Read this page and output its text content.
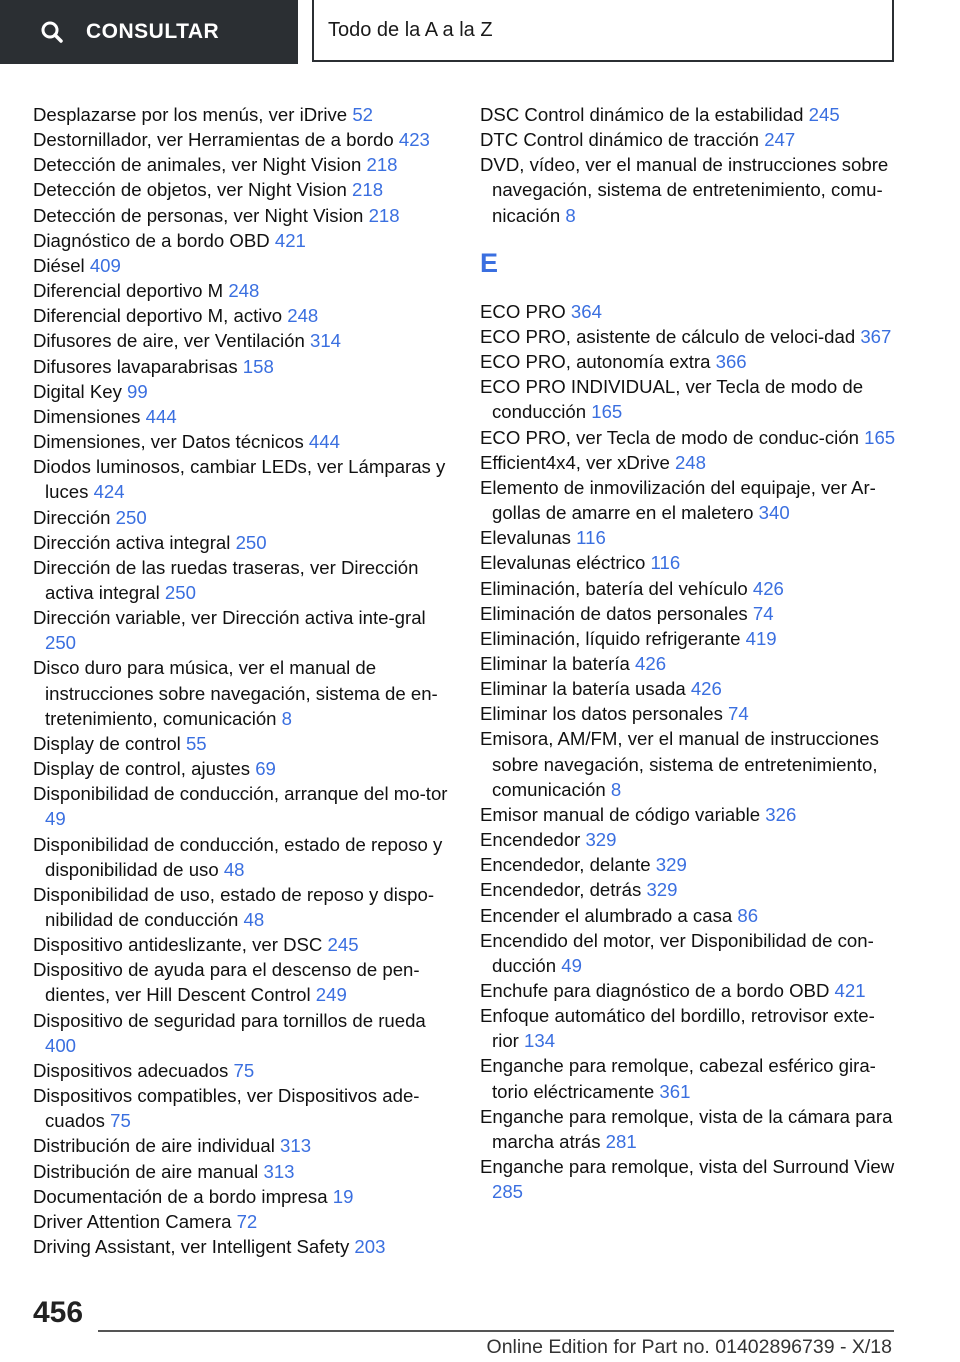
CONSULTAR	Todo de la A a la Z
Desplazarse por los menús, ver iDrive 52
Destornillador, ver Herramientas de a bordo 423
Detección de animales, ver Night Vision 218
Detección de objetos, ver Night Vision 218
Detección de personas, ver Night Vision 218
Diagnóstico de a bordo OBD 421
Diésel 409
Diferencial deportivo M 248
Diferencial deportivo M, activo 248
Difusores de aire, ver Ventilación 314
Difusores lavaparabrisas 158
Digital Key 99
Dimensiones 444
Dimensiones, ver Datos técnicos 444
Diodos luminosos, cambiar LEDs, ver Lámparas y luces 424
Dirección 250
Dirección activa integral 250
Dirección de las ruedas traseras, ver Dirección activa integral 250
Dirección variable, ver Dirección activa inte-gral 250
Disco duro para música, ver el manual de instrucciones sobre navegación, sistema de en-tretenimiento, comunicación 8
Display de control 55
Display de control, ajustes 69
Disponibilidad de conducción, arranque del mo-tor 49
Disponibilidad de conducción, estado de reposo y disponibilidad de uso 48
Disponibilidad de uso, estado de reposo y dispo-nibilidad de conducción 48
Dispositivo antideslizante, ver DSC 245
Dispositivo de ayuda para el descenso de pen-dientes, ver Hill Descent Control 249
Dispositivo de seguridad para tornillos de rueda 400
Dispositivos adecuados 75
Dispositivos compatibles, ver Dispositivos ade-cuados 75
Distribución de aire individual 313
Distribución de aire manual 313
Documentación de a bordo impresa 19
Driver Attention Camera 72
Driving Assistant, ver Intelligent Safety 203
DSC Control dinámico de la estabilidad 245
DTC Control dinámico de tracción 247
DVD, vídeo, ver el manual de instrucciones sobre navegación, sistema de entretenimiento, comu-nicación 8
E
ECO PRO 364
ECO PRO, asistente de cálculo de veloci-dad 367
ECO PRO, autonomía extra 366
ECO PRO INDIVIDUAL, ver Tecla de modo de conducción 165
ECO PRO, ver Tecla de modo de conduc-ción 165
Efficient4x4, ver xDrive 248
Elemento de inmovilización del equipaje, ver Ar-gollas de amarre en el maletero 340
Elevalunas 116
Elevalunas eléctrico 116
Eliminación, batería del vehículo 426
Eliminación de datos personales 74
Eliminación, líquido refrigerante 419
Eliminar la batería 426
Eliminar la batería usada 426
Eliminar los datos personales 74
Emisora, AM/FM, ver el manual de instrucciones sobre navegación, sistema de entretenimiento, comunicación 8
Emisor manual de código variable 326
Encendedor 329
Encendedor, delante 329
Encendedor, detrás 329
Encender el alumbrado a casa 86
Encendido del motor, ver Disponibilidad de con-ducción 49
Enchufe para diagnóstico de a bordo OBD 421
Enfoque automático del bordillo, retrovisor exte-rior 134
Enganche para remolque, cabezal esférico gira-torio eléctricamente 361
Enganche para remolque, vista de la cámara para marcha atrás 281
Enganche para remolque, vista del Surround View 285
456
Online Edition for Part no. 01402896739 - X/18
